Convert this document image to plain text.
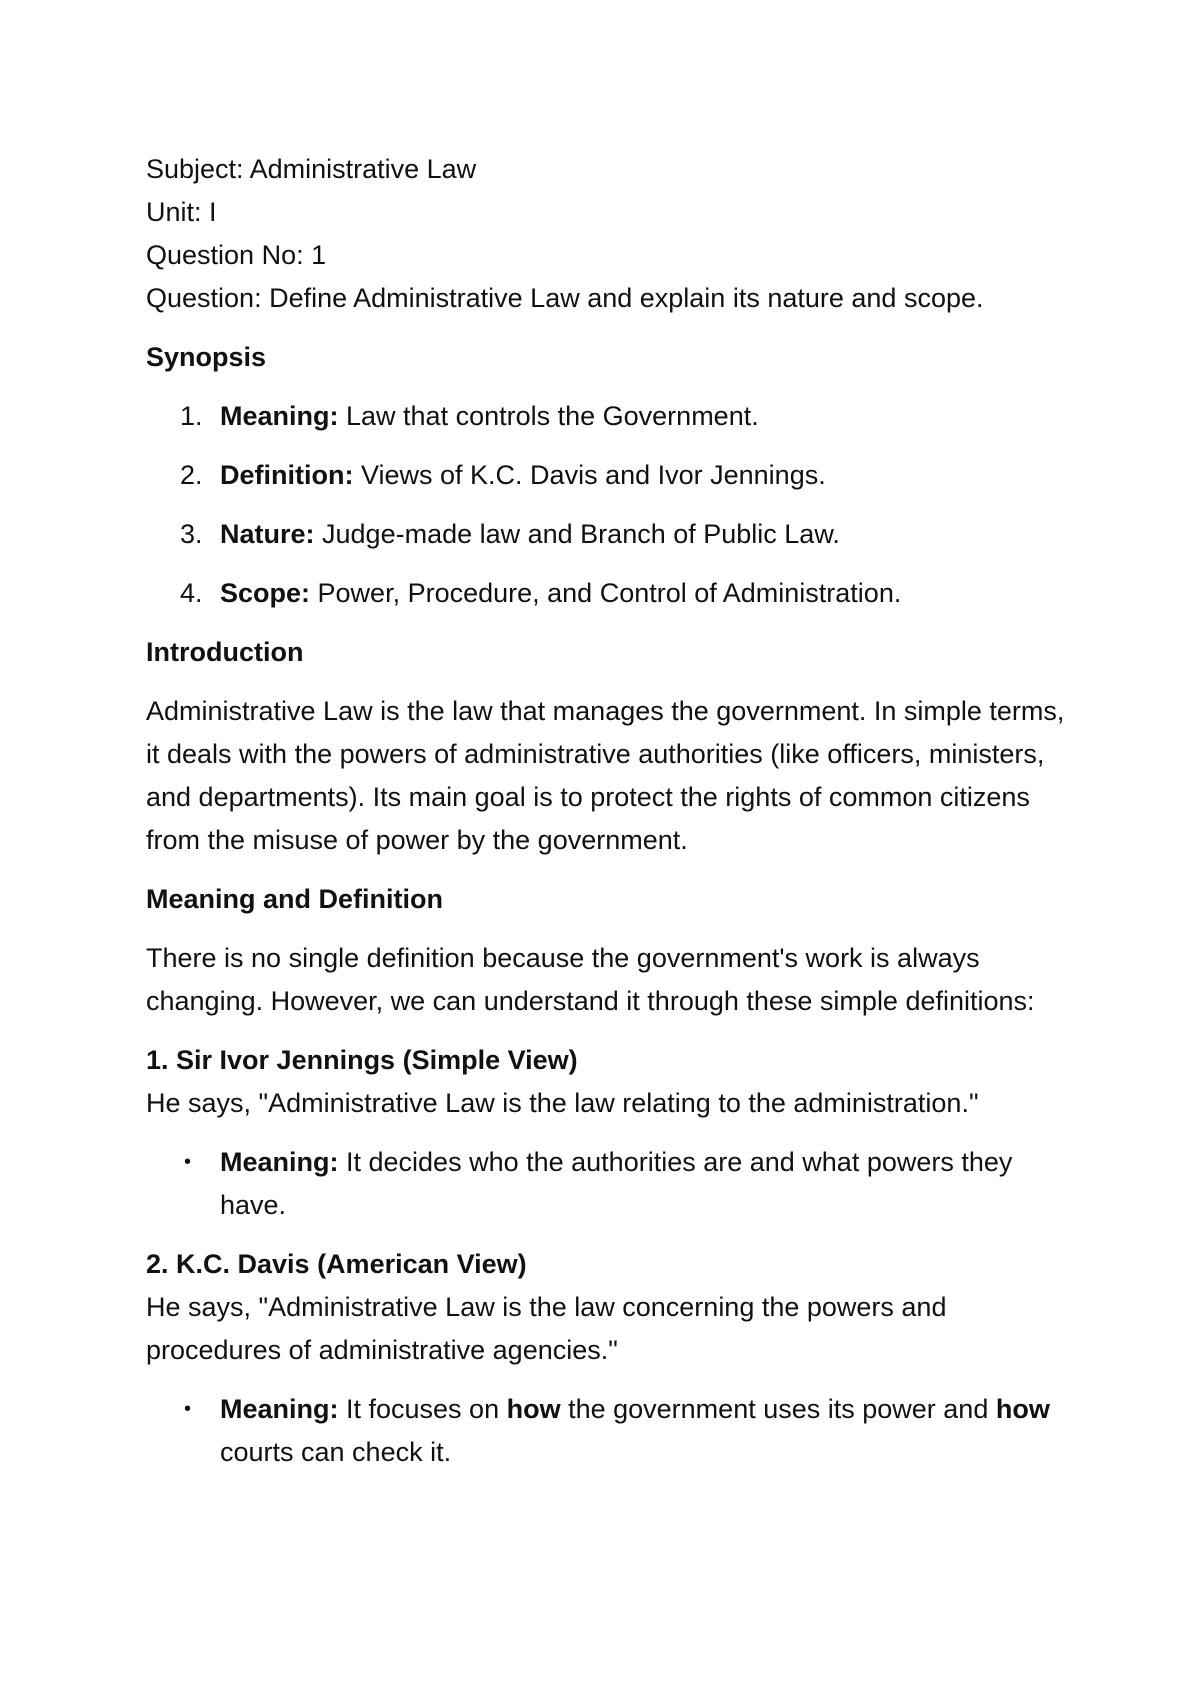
Subject: Administrative Law

Unit: I

Question No: 1

Question: Define Administrative Law and explain its nature and scope.

Synopsis

1. Meaning: Law that controls the Government.
2. Definition: Views of K.C. Davis and Ivor Jennings.
3. Nature: Judge-made law and Branch of Public Law.
4. Scope: Power, Procedure, and Control of Administration.

Introduction

Administrative Law is the law that manages the government. In simple terms, it deals with the powers of administrative authorities (like officers, ministers, and departments). Its main goal is to protect the rights of common citizens from the misuse of power by the government.

Meaning and Definition

There is no single definition because the government's work is always changing. However, we can understand it through these simple definitions:

1. Sir Ivor Jennings (Simple View)

He says, "Administrative Law is the law relating to the administration."

• Meaning: It decides who the authorities are and what powers they have.

2. K.C. Davis (American View)

He says, "Administrative Law is the law concerning the powers and procedures of administrative agencies."

• Meaning: It focuses on how the government uses its power and how courts can check it.
